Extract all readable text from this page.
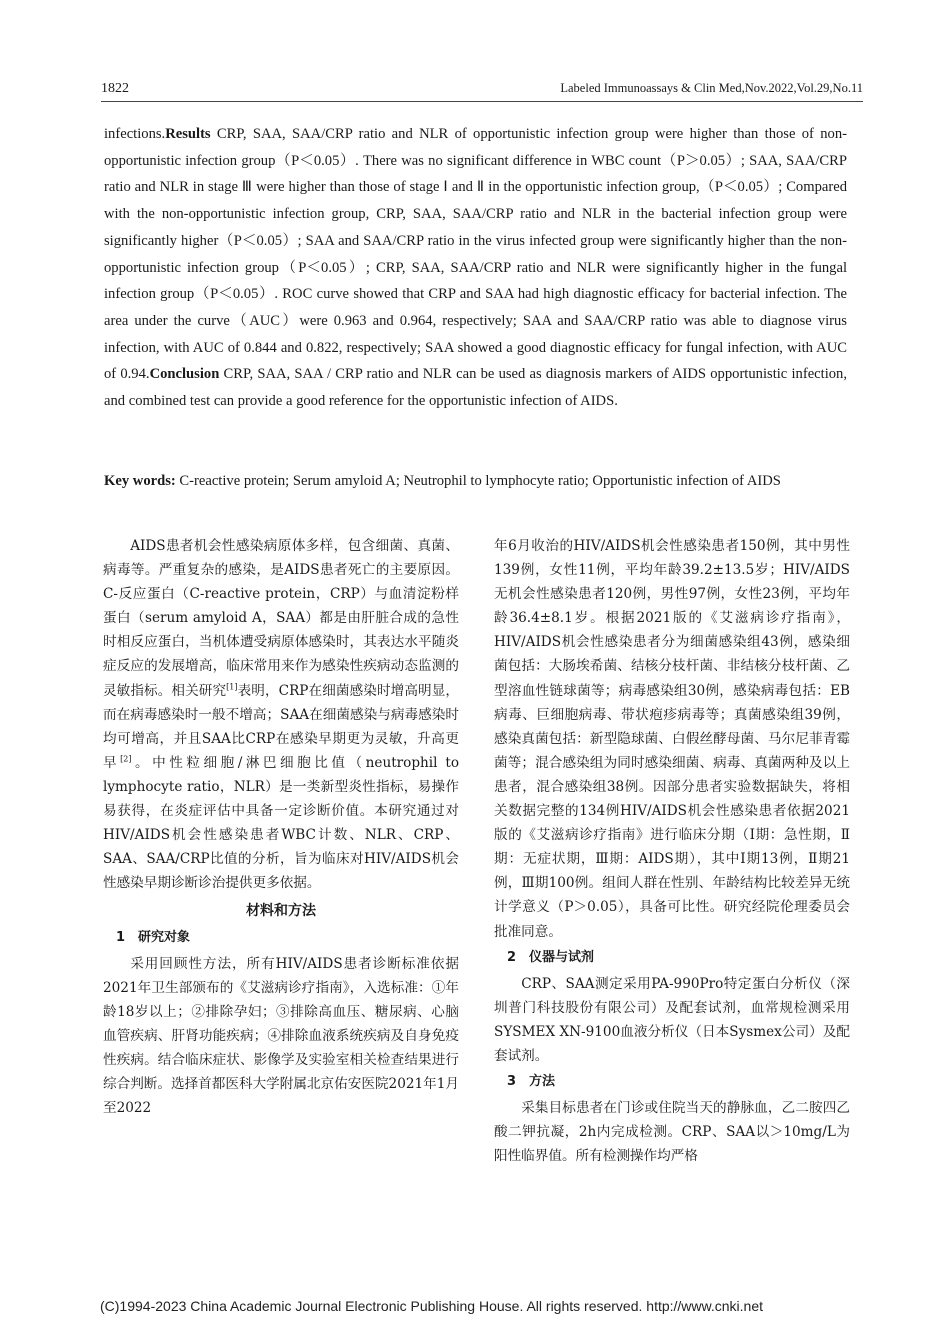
1822	Labeled Immunoassays & Clin Med,Nov.2022,Vol.29,No.11
infections.Results CRP, SAA, SAA/CRP ratio and NLR of opportunistic infection group were higher than those of non-opportunistic infection group（P＜0.05）. There was no significant difference in WBC count（P＞0.05）; SAA, SAA/CRP ratio and NLR in stage Ⅲ were higher than those of stage Ⅰ and Ⅱ in the opportunistic infection group,（P＜0.05）; Compared with the non-opportunistic infection group, CRP, SAA, SAA/CRP ratio and NLR in the bacterial infection group were significantly higher（P＜0.05）; SAA and SAA/CRP ratio in the virus infected group were significantly higher than the non-opportunistic infection group（P＜0.05）; CRP, SAA, SAA/CRP ratio and NLR were significantly higher in the fungal infection group（P＜0.05）. ROC curve showed that CRP and SAA had high diagnostic efficacy for bacterial infection. The area under the curve（AUC）were 0.963 and 0.964, respectively; SAA and SAA/CRP ratio was able to diagnose virus infection, with AUC of 0.844 and 0.822, respectively; SAA showed a good diagnostic efficacy for fungal infection, with AUC of 0.94.Conclusion CRP, SAA, SAA / CRP ratio and NLR can be used as diagnosis markers of AIDS opportunistic infection, and combined test can provide a good reference for the opportunistic infection of AIDS.
Key words: C-reactive protein; Serum amyloid A; Neutrophil to lymphocyte ratio; Opportunistic infection of AIDS

AIDS患者机会性感染病原体多样，包含细菌、真菌、病毒等。严重复杂的感染，是AIDS患者死亡的主要原因。C-反应蛋白（C-reactive protein，CRP）与血清淀粉样蛋白（serum amyloid A，SAA）都是由肝脏合成的急性时相反应蛋白，当机体遭受病原体感染时，其表达水平随炎症反应的发展增高，临床常用来作为感染性疾病动态监测的灵敏指标。相关研究[1]表明，CRP在细菌感染时增高明显，而在病毒感染时一般不增高；SAA在细菌感染与病毒感染时均可增高，并且SAA比CRP在感染早期更为灵敏，升高更早[2]。中性粒细胞/淋巴细胞比值（neutrophil to lymphocyte ratio，NLR）是一类新型炎性指标，易操作易获得，在炎症评估中具备一定诊断价值。本研究通过对HIV/AIDS机会性感染患者WBC计数、NLR、CRP、SAA、SAA/CRP比值的分析，旨为临床对HIV/AIDS机会性感染早期诊断诊治提供更多依据。

材料和方法
1　研究对象

采用回顾性方法，所有HIV/AIDS患者诊断标准依据2021年卫生部颁布的《艾滋病诊疗指南》，入选标准：①年龄18岁以上；②排除孕妇；③排除高血压、糖尿病、心脑血管疾病、肝肾功能疾病；④排除血液系统疾病及自身免疫性疾病。结合临床症状、影像学及实验室相关检查结果进行综合判断。选择首都医科大学附属北京佑安医院2021年1月至2022

年6月收治的HIV/AIDS机会性感染患者150例，其中男性139例，女性11例，平均年龄39.2±13.5岁；HIV/AIDS无机会性感染患者120例，男性97例，女性23例，平均年龄36.4±8.1岁。根据2021版的《艾滋病诊疗指南》，HIV/AIDS机会性感染患者分为细菌感染组43例，感染细菌包括：大肠埃希菌、结核分枝杆菌、非结核分枝杆菌、乙型溶血性链球菌等；病毒感染组30例，感染病毒包括：EB病毒、巨细胞病毒、带状疱疹病毒等；真菌感染组39例，感染真菌包括：新型隐球菌、白假丝酵母菌、马尔尼菲青霉菌等；混合感染组为同时感染细菌、病毒、真菌两种及以上患者，混合感染组38例。因部分患者实验数据缺失，将相关数据完整的134例HIV/AIDS机会性感染患者依据2021版的《艾滋病诊疗指南》进行临床分期（Ⅰ期：急性期，Ⅱ期：无症状期，Ⅲ期：AIDS期），其中Ⅰ期13例，Ⅱ期21例，Ⅲ期100例。组间人群在性别、年龄结构比较差异无统计学意义（P＞0.05），具备可比性。研究经院伦理委员会批准同意。

2　仪器与试剂

CRP、SAA测定采用PA-990Pro特定蛋白分析仪（深圳普门科技股份有限公司）及配套试剂，血常规检测采用SYSMEX XN-9100血液分析仪（日本Sysmex公司）及配套试剂。

3　方法

采集目标患者在门诊或住院当天的静脉血，乙二胺四乙酸二钾抗凝，2h内完成检测。CRP、SAA以＞10mg/L为阳性临界值。所有检测操作均严格

(C)1994-2023 China Academic Journal Electronic Publishing House. All rights reserved. http://www.cnki.net
